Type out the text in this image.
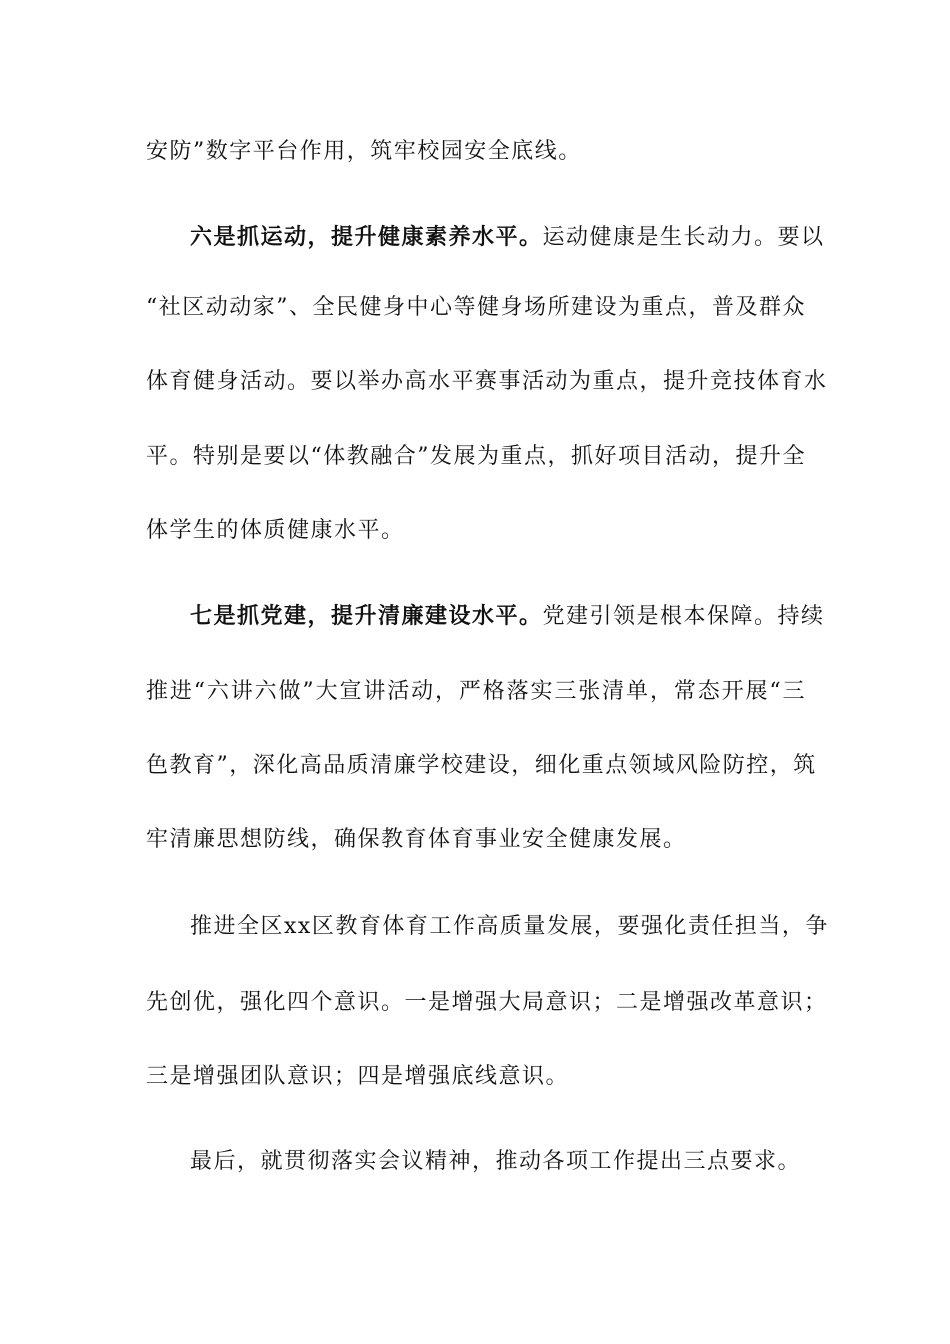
安防”数字平台作用，筑牢校园安全底线。
六是抓运动，提升健康素养水平。运动健康是生长动力。要以
“社区动动家”、全民健身中心等健身场所建设为重点，普及群众
体育健身活动。要以举办高水平赛事活动为重点，提升竞技体育水
平。特别是要以“体教融合”发展为重点，抓好项目活动，提升全
体学生的体质健康水平。
七是抓党建，提升清廉建设水平。党建引领是根本保障。持续
推进“六讲六做”大宣讲活动，严格落实三张清单，常态开展“三
色教育”，深化高品质清廉学校建设，细化重点领域风险防控，筑
牢清廉思想防线，确保教育体育事业安全健康发展。
推进全区xx区教育体育工作高质量发展，要强化责任担当，争
先创优，强化四个意识。一是增强大局意识；二是增强改革意识；
三是增强团队意识；四是增强底线意识。
最后，就贯彻落实会议精神，推动各项工作提出三点要求。
